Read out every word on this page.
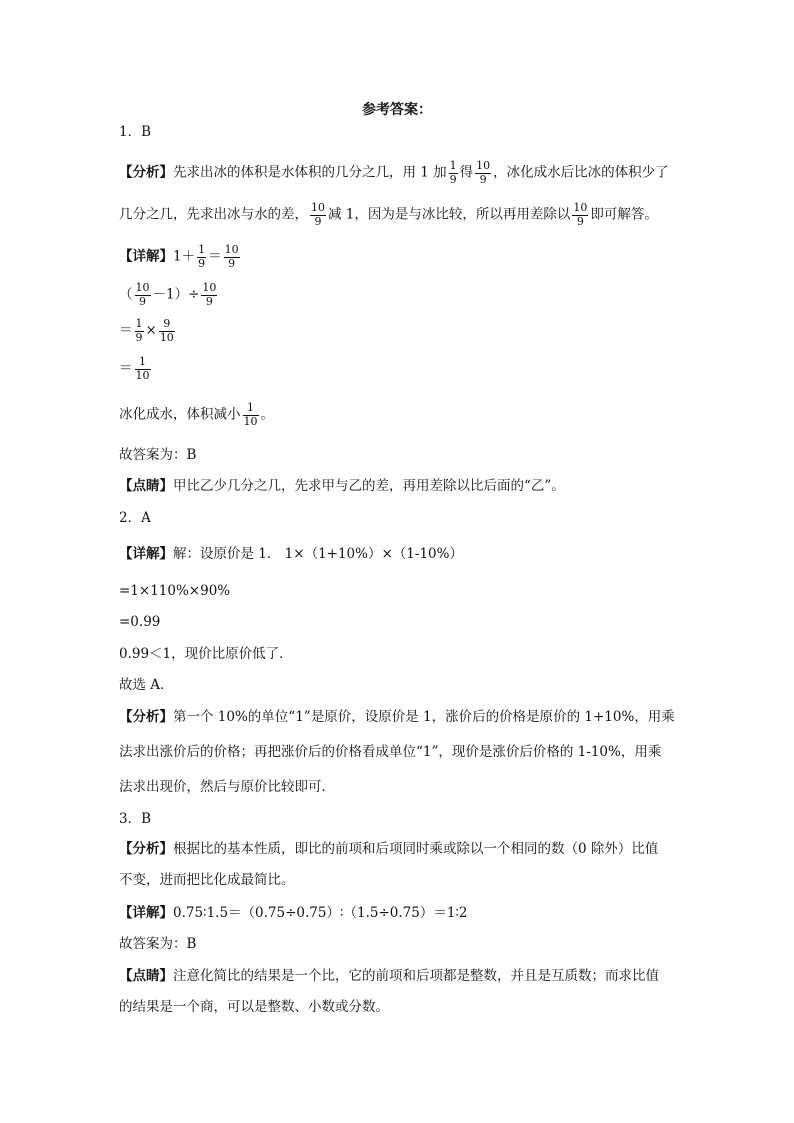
参考答案：
1．B
【分析】先求出冰的体积是水体积的几分之几，用 1 加 $\frac{1}{9}$ 得 $\frac{10}{9}$ ，冰化成水后比冰的体积少了
几分之几，先求出冰与水的差， $\frac{10}{9}$ 减 1，因为是与冰比较，所以再用差除以 $\frac{10}{9}$ 即可解答。
【详解】$1+ \frac{1}{9} = \frac{10}{9}$
（ $\frac{10}{9} -1)\div \frac{10}{9}$
＝ $\frac{1}{9} \times \frac{9}{10}$
＝ $\frac{1}{10}$
冰化成水，体积减小 $\frac{1}{10}$ 。
故答案为：B
【点睛】甲比乙少几分之几，先求甲与乙的差，再用差除以比后面的“乙”。
2．A
【详解】解：设原价是 1． 1×（1+10%）×（1-10%）
=1×110%×90%
=0.99
0.99＜1，现价比原价低了．
故选 A．
【分析】第一个 10%的单位“1”是原价，设原价是 1，涨价后的价格是原价的 1+10%，用乘
法求出涨价后的价格；再把涨价后的价格看成单位“1”，现价是涨价后价格的 1-10%，用乘
法求出现价，然后与原价比较即可．
3．B
【分析】根据比的基本性质，即比的前项和后项同时乘或除以一个相同的数（0 除外）比值
不变，进而把比化成最简比。
【详解】0.75∶1.5＝（0.75÷0.75）∶（1.5÷0.75）＝1∶2
故答案为：B
【点睛】注意化简比的结果是一个比，它的前项和后项都是整数，并且是互质数；而求比值
的结果是一个商，可以是整数、小数或分数。
